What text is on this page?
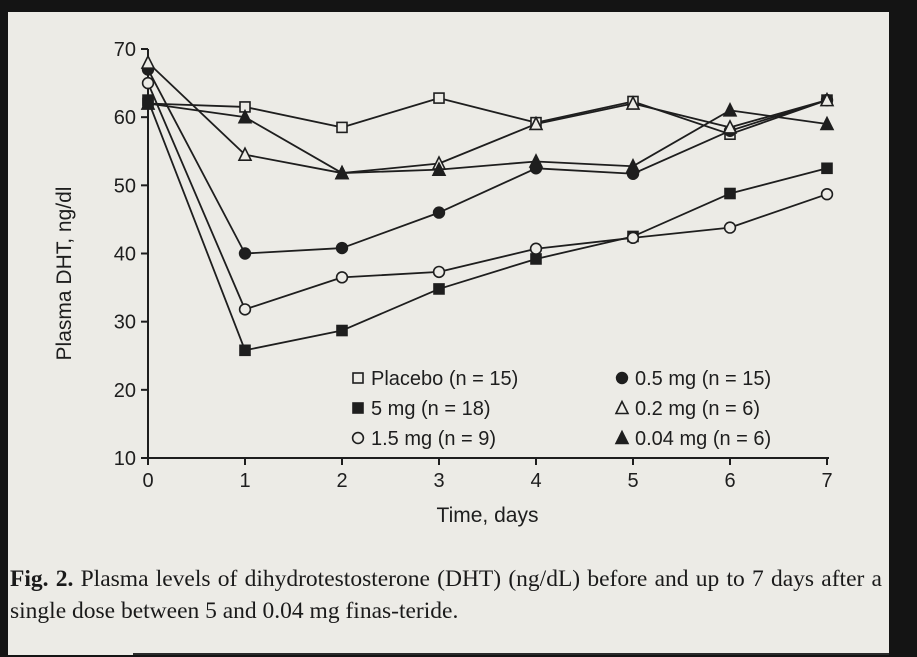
10
20
30
40
50
60
70
0	1	2	3	4	5	6	7
Placebo (n = 15)
5 mg (n = 18)
1.5 mg (n = 9)
0.5 mg (n = 15)
0.2 mg (n = 6)
0.04 mg (n = 6)
Time, days
Plasma DHT, ng/dl
Fig. 2. Plasma levels of dihydrotestosterone (DHT) (ng/dL) before and up to 7 days after a single dose between 5 and 0.04 mg finas-teride.
